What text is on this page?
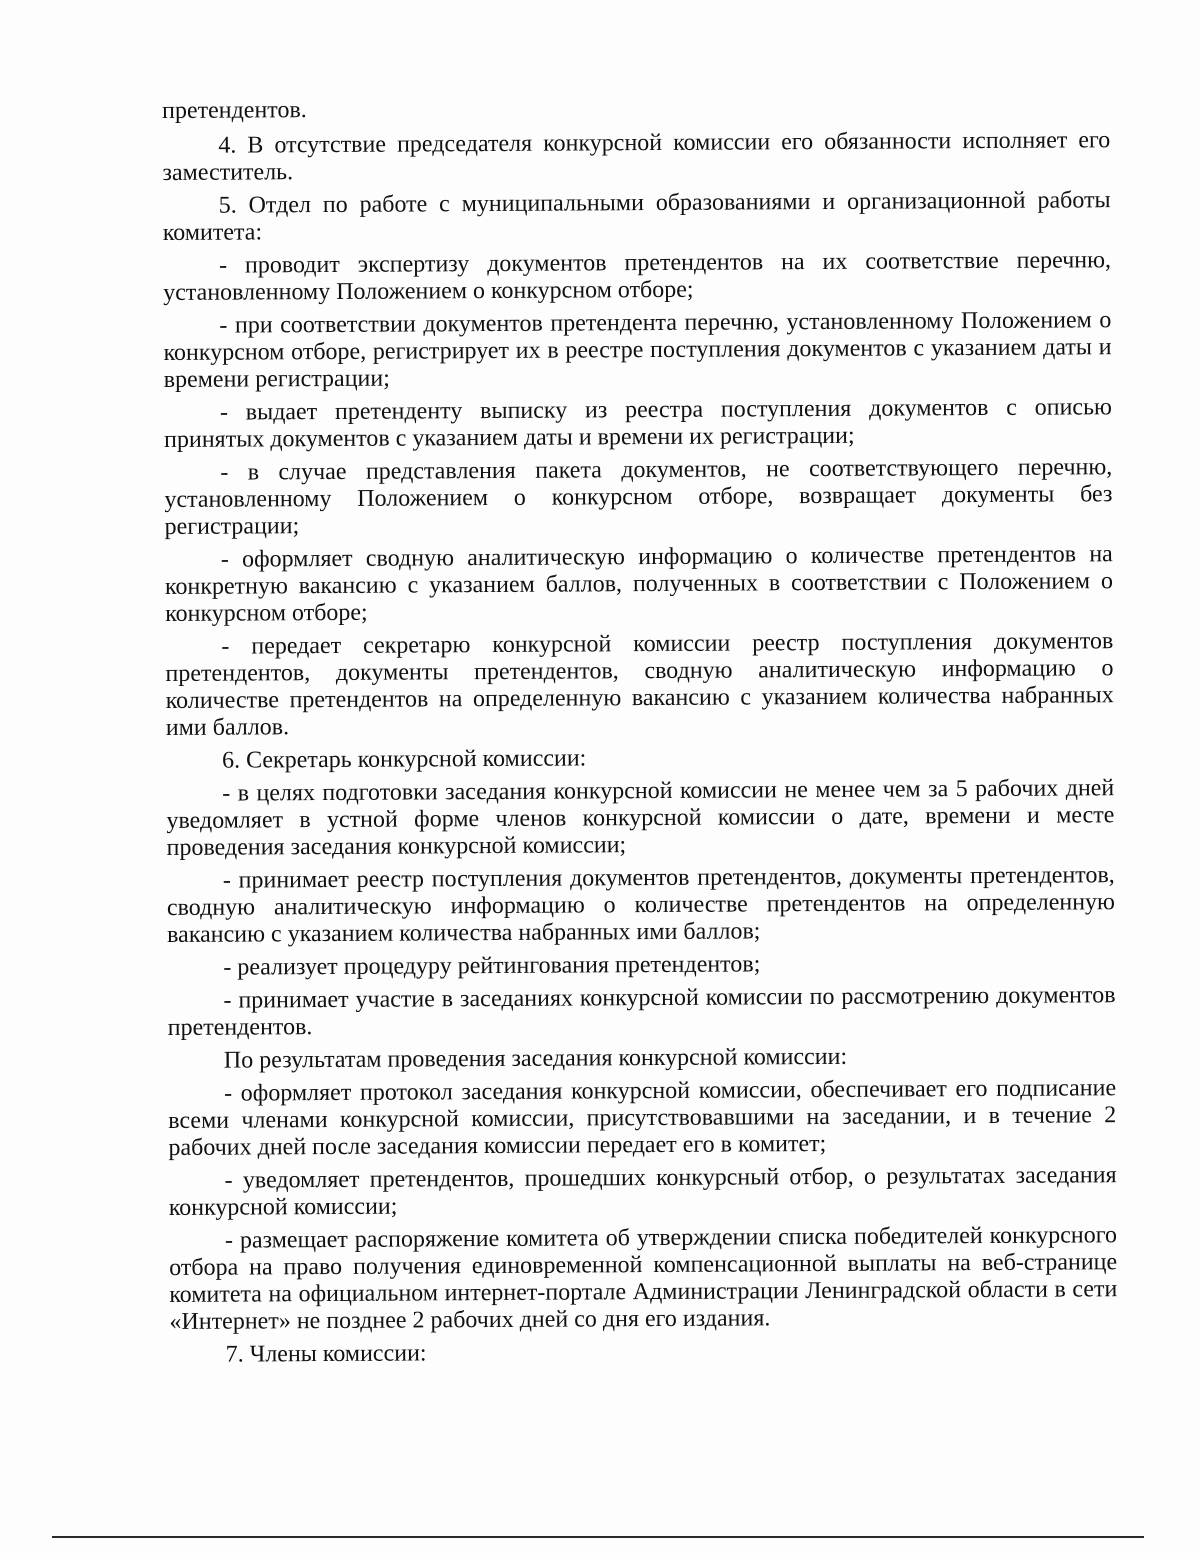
претендентов.

4. В отсутствие председателя конкурсной комиссии его обязанности исполняет его заместитель.

5. Отдел по работе с муниципальными образованиями и организационной работы комитета:

- проводит экспертизу документов претендентов на их соответствие перечню, установленному Положением о конкурсном отборе;

- при соответствии документов претендента перечню, установленному Положением о конкурсном отборе, регистрирует их в реестре поступления документов с указанием даты и времени регистрации;

- выдает претенденту выписку из реестра поступления документов с описью принятых документов с указанием даты и времени их регистрации;

- в случае представления пакета документов, не соответствующего перечню, установленному Положением о конкурсном отборе, возвращает документы без регистрации;

- оформляет сводную аналитическую информацию о количестве претендентов на конкретную вакансию с указанием баллов, полученных в соответствии с Положением о конкурсном отборе;

- передает секретарю конкурсной комиссии реестр поступления документов претендентов, документы претендентов, сводную аналитическую информацию о количестве претендентов на определенную вакансию с указанием количества набранных ими баллов.

6. Секретарь конкурсной комиссии:

- в целях подготовки заседания конкурсной комиссии не менее чем за 5 рабочих дней уведомляет в устной форме членов конкурсной комиссии о дате, времени и месте проведения заседания конкурсной комиссии;

- принимает реестр поступления документов претендентов, документы претендентов, сводную аналитическую информацию о количестве претендентов на определенную вакансию с указанием количества набранных ими баллов;

- реализует процедуру рейтингования претендентов;

- принимает участие в заседаниях конкурсной комиссии по рассмотрению документов претендентов.

По результатам проведения заседания конкурсной комиссии:

- оформляет протокол заседания конкурсной комиссии, обеспечивает его подписание всеми членами конкурсной комиссии, присутствовавшими на заседании, и в течение 2 рабочих дней после заседания комиссии передает его в комитет;

- уведомляет претендентов, прошедших конкурсный отбор, о результатах заседания конкурсной комиссии;

- размещает распоряжение комитета об утверждении списка победителей конкурсного отбора на право получения единовременной компенсационной выплаты на веб-странице комитета на официальном интернет-портале Администрации Ленинградской области в сети «Интернет» не позднее 2 рабочих дней со дня его издания.

7. Члены комиссии:
